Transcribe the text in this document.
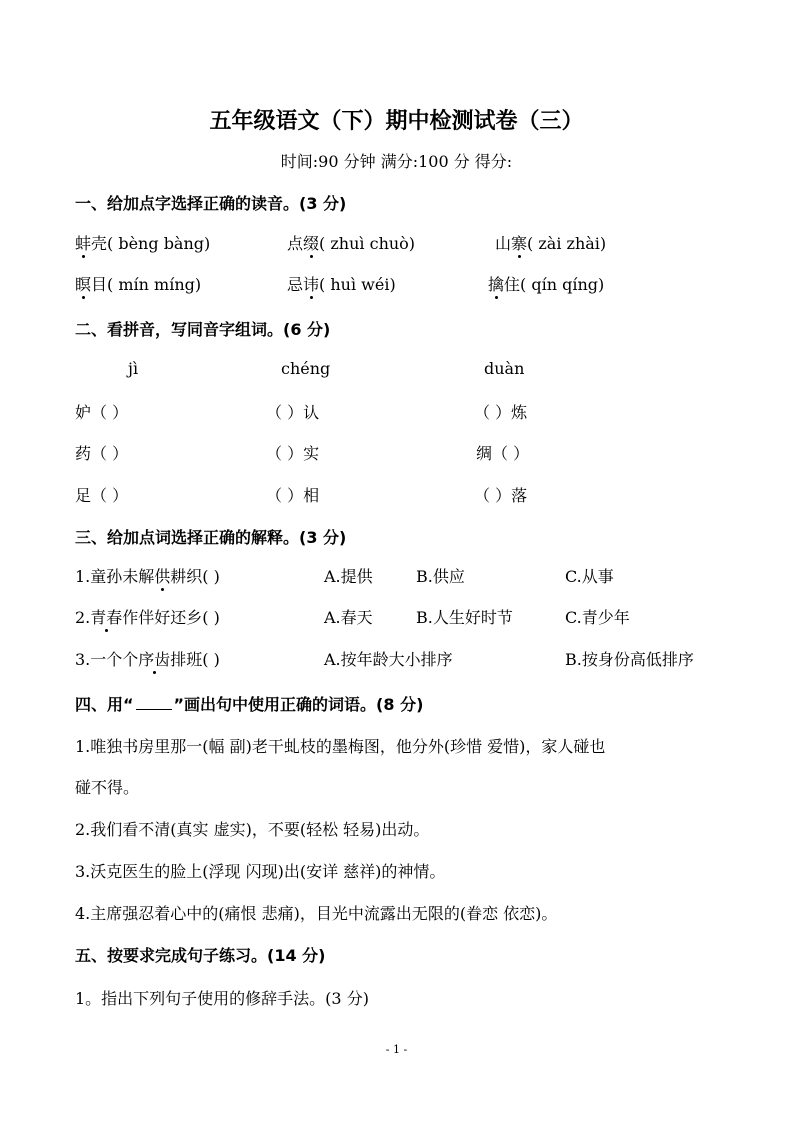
五年级语文（下）期中检测试卷（三）
时间:90 分钟 满分:100 分 得分:
一、给加点字选择正确的读音。(3 分)
蚌壳( bèng bàng)	点缀( zhuì chuò)	山寨( zài zhài)
瞑目( mín míng)	忌讳( huì wéi)	擒住( qín qíng)
二、看拼音，写同音字组词。(6 分)
jì	chéng	duàn
妒（ ）	（ ）认	（ ）炼
药（ ）	（ ）实	绸（ ）
足（ ）	（ ）相	（ ）落
三、给加点词选择正确的解释。(3 分)
1.童孙未解供耕织( )	A.提供	B.供应	C.从事
2.青春作伴好还乡( )	A.春天	B.人生好时节	C.青少年
3.一个个序齿排班( )	A.按年龄大小排序	B.按身份高低排序
四、用“	”画出句中使用正确的词语。(8 分)
1.唯独书房里那一(幅 副)老干虬枝的墨梅图，他分外(珍惜 爱惜)，家人碰也
碰不得。
2.我们看不清(真实 虚实)，不要(轻松 轻易)出动。
3.沃克医生的脸上(浮现 闪现)出(安详 慈祥)的神情。
4.主席强忍着心中的(痛恨 悲痛)，目光中流露出无限的(眷恋 依恋)。
五、按要求完成句子练习。(14 分)
1。指出下列句子使用的修辞手法。(3 分)
- 1 -
